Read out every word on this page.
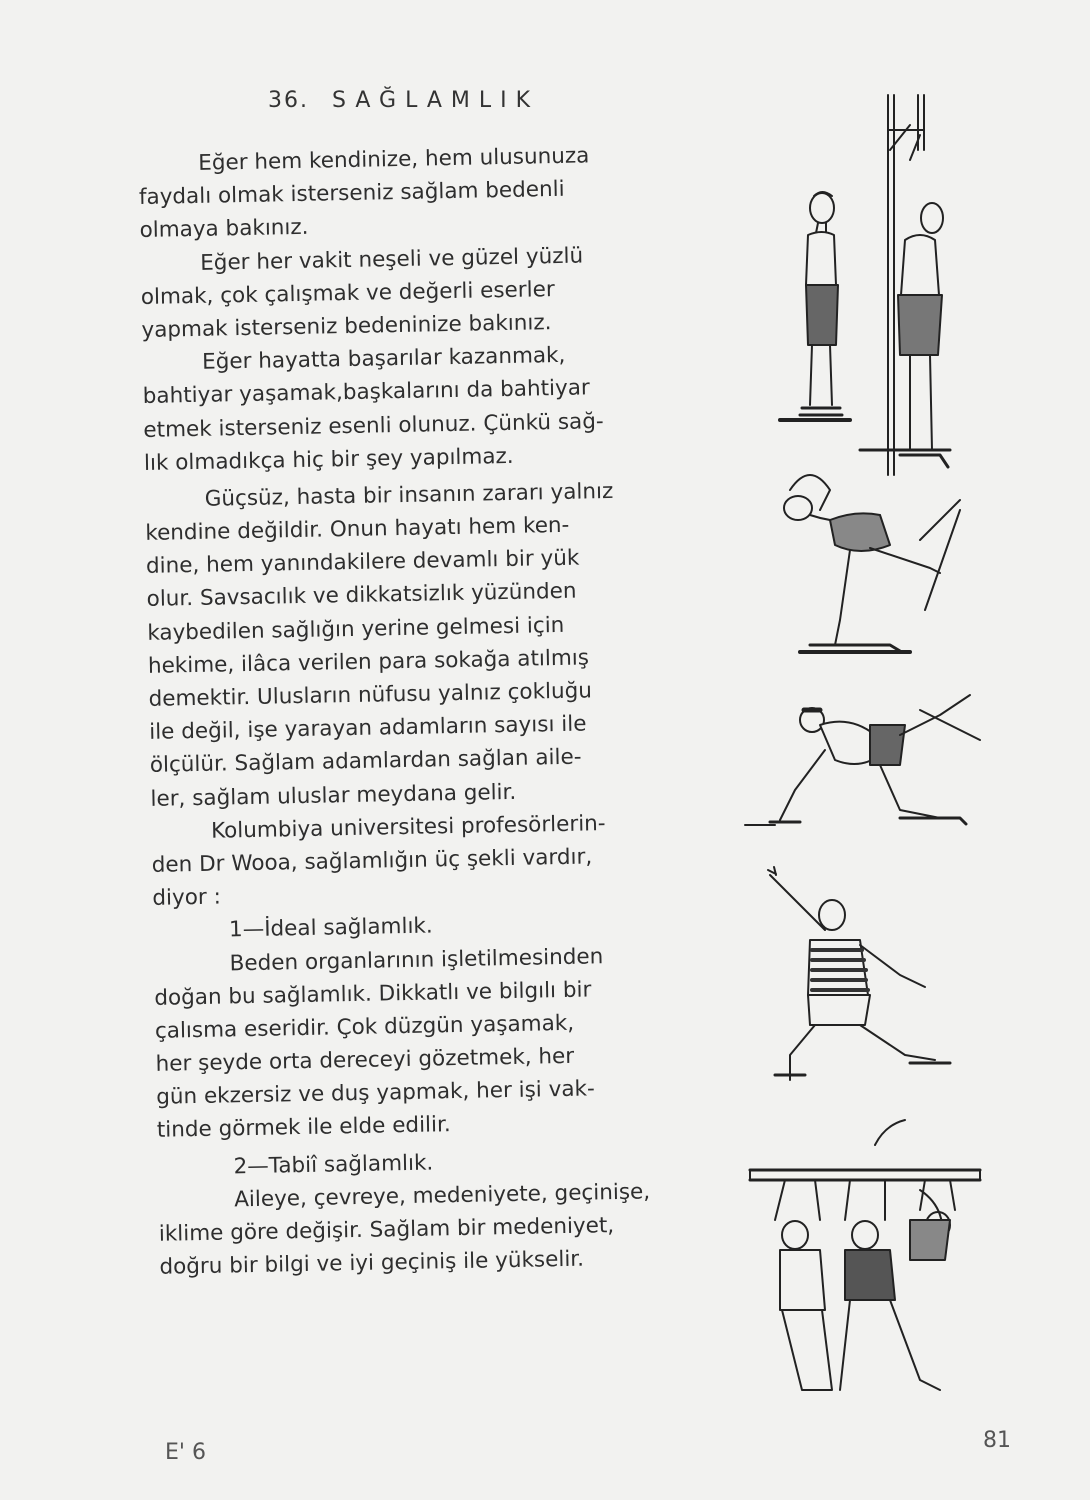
36. SAĞLAMLIK
Eğer hem kendinize, hem ulusunuza
faydalı olmak isterseniz sağlam bedenli
olmaya bakınız.
Eğer her vakit neşeli ve güzel yüzlü
olmak, çok çalışmak ve değerli eserler
yapmak isterseniz bedeninize bakınız.
Eğer hayatta başarılar kazanmak,
bahtiyar yaşamak,başkalarını da bahtiyar
etmek isterseniz esenli olunuz. Çünkü sağ-
lık olmadıkça hiç bir şey yapılmaz.
Güçsüz, hasta bir insanın zararı yalnız
kendine değildir. Onun hayatı hem ken-
dine, hem yanındakilere devamlı bir yük
olur. Savsacılık ve dikkatsizlık yüzünden
kaybedilen sağlığın yerine gelmesi için
hekime, ilâca verilen para sokağa atılmış
demektir. Ulusların nüfusu yalnız çokluğu
ile değil, işe yarayan adamların sayısı ile
ölçülür. Sağlam adamlardan sağlan aile-
ler, sağlam uluslar meydana gelir.
Kolumbiya universitesi profesörlerin-
den Dr Wooa, sağlamlığın üç şekli vardır,
diyor :
1—İdeal sağlamlık.
Beden organlarının işletilmesinden
doğan bu sağlamlık. Dikkatlı ve bilgılı bir
çalısma eseridir. Çok düzgün yaşamak,
her şeyde orta dereceyi gözetmek, her
gün ekzersiz ve duş yapmak, her işi vak-
tinde görmek ile elde edilir.
2—Tabiî sağlamlık.
Aileye, çevreye, medeniyete, geçinişe,
iklime göre değişir. Sağlam bir medeniyet,
doğru bir bilgi ve iyi geçiniş ile yükselir.
E' 6	81
